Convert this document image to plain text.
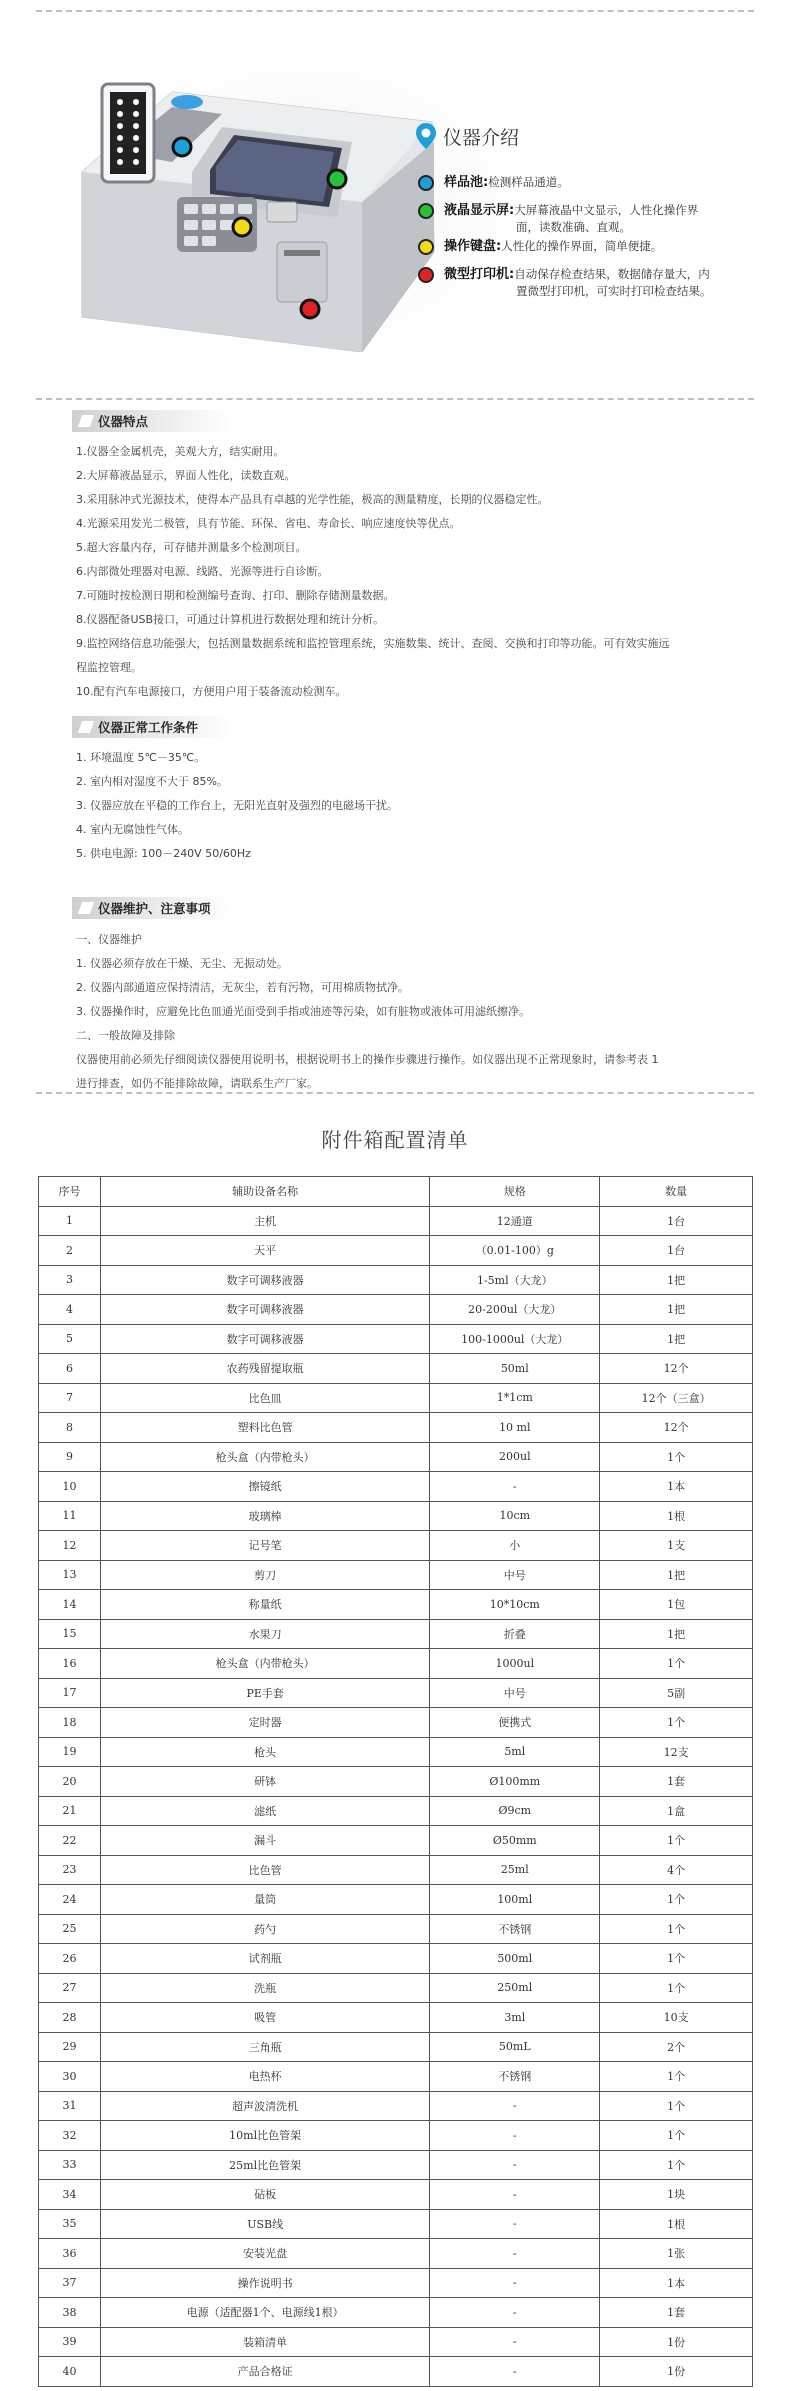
仪器介绍
样品池:检测样品通道。
液晶显示屏:大屏幕液晶中文显示，人性化操作界
面，读数准确、直观。
操作键盘:人性化的操作界面，简单便捷。
微型打印机:自动保存检查结果，数据储存量大，内
置微型打印机，可实时打印检查结果。
仪器特点
1.仪器全金属机壳，美观大方，结实耐用。
2.大屏幕液晶显示，界面人性化，读数直观。
3.采用脉冲式光源技术，使得本产品具有卓越的光学性能，极高的测量精度，长期的仪器稳定性。
4.光源采用发光二极管，具有节能、环保、省电、寿命长、响应速度快等优点。
5.超大容量内存，可存储并测量多个检测项目。
6.内部微处理器对电源、线路、光源等进行自诊断。
7.可随时按检测日期和检测编号查询、打印、删除存储测量数据。
8.仪器配备USB接口，可通过计算机进行数据处理和统计分析。
9.监控网络信息功能强大，包括测量数据系统和监控管理系统，实施数集、统计、查阅、交换和打印等功能。可有效实施远
程监控管理。
10.配有汽车电源接口，方便用户用于装备流动检测车。
仪器正常工作条件
1. 环境温度 5℃－35℃。
2. 室内相对湿度不大于 85%。
3. 仪器应放在平稳的工作台上，无阳光直射及强烈的电磁场干扰。
4. 室内无腐蚀性气体。
5. 供电电源: 100－240V 50/60Hz
仪器维护、注意事项
一、仪器维护
1. 仪器必须存放在干燥、无尘、无振动处。
2. 仪器内部通道应保持清洁，无灰尘，若有污物，可用棉质物拭净。
3. 仪器操作时，应避免比色皿通光面受到手指或油迹等污染，如有脏物或液体可用滤纸擦净。
二、一般故障及排除
仪器使用前必须先仔细阅读仪器使用说明书，根据说明书上的操作步骤进行操作。如仪器出现不正常现象时，请参考表 1
进行排查，如仍不能排除故障，请联系生产厂家。
附件箱配置清单
序号	辅助设备名称	规格	数量
1	主机	12通道	1台
2	天平	（0.01-100）g	1台
3	数字可调移液器	1-5ml（大龙）	1把
4	数字可调移液器	20-200ul（大龙）	1把
5	数字可调移液器	100-1000ul（大龙）	1把
6	农药残留提取瓶	50ml	12个
7	比色皿	1*1cm	12个（三盒）
8	塑料比色管	10 ml	12个
9	枪头盒（内带枪头）	200ul	1个
10	擦镜纸	-	1本
11	玻璃棒	10cm	1根
12	记号笔	小	1支
13	剪刀	中号	1把
14	称量纸	10*10cm	1包
15	水果刀	折叠	1把
16	枪头盒（内带枪头）	1000ul	1个
17	PE手套	中号	5副
18	定时器	便携式	1个
19	枪头	5ml	12支
20	研钵	Ø100mm	1套
21	滤纸	Ø9cm	1盒
22	漏斗	Ø50mm	1个
23	比色管	25ml	4个
24	量筒	100ml	1个
25	药勺	不锈钢	1个
26	试剂瓶	500ml	1个
27	洗瓶	250ml	1个
28	吸管	3ml	10支
29	三角瓶	50mL	2个
30	电热杯	不锈钢	1个
31	超声波清洗机	-	1个
32	10ml比色管架	-	1个
33	25ml比色管架	-	1个
34	砧板	-	1块
35	USB线	-	1根
36	安装光盘	-	1张
37	操作说明书	-	1本
38	电源（适配器1个、电源线1根）	-	1套
39	装箱清单	-	1份
40	产品合格证	-	1份
